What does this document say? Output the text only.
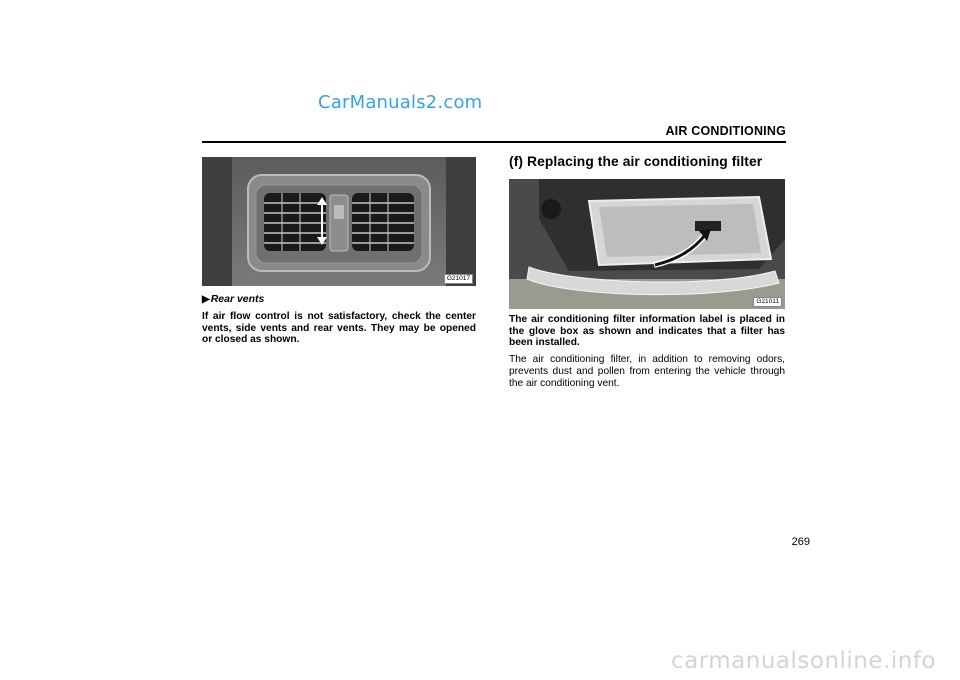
CarManuals2.com
AIR CONDITIONING
G21017
▶Rear vents

If air flow control is not satisfactory, check the center vents, side vents and rear vents. They may be opened or closed as shown.

(f) Replacing the air conditioning filter
G21011

The air conditioning filter information label is placed in the glove box as shown and indicates that a filter has been installed.

The air conditioning filter, in addition to removing odors, prevents dust and pollen from entering the vehicle through the air conditioning vent.

269
carmanualsonline.info
